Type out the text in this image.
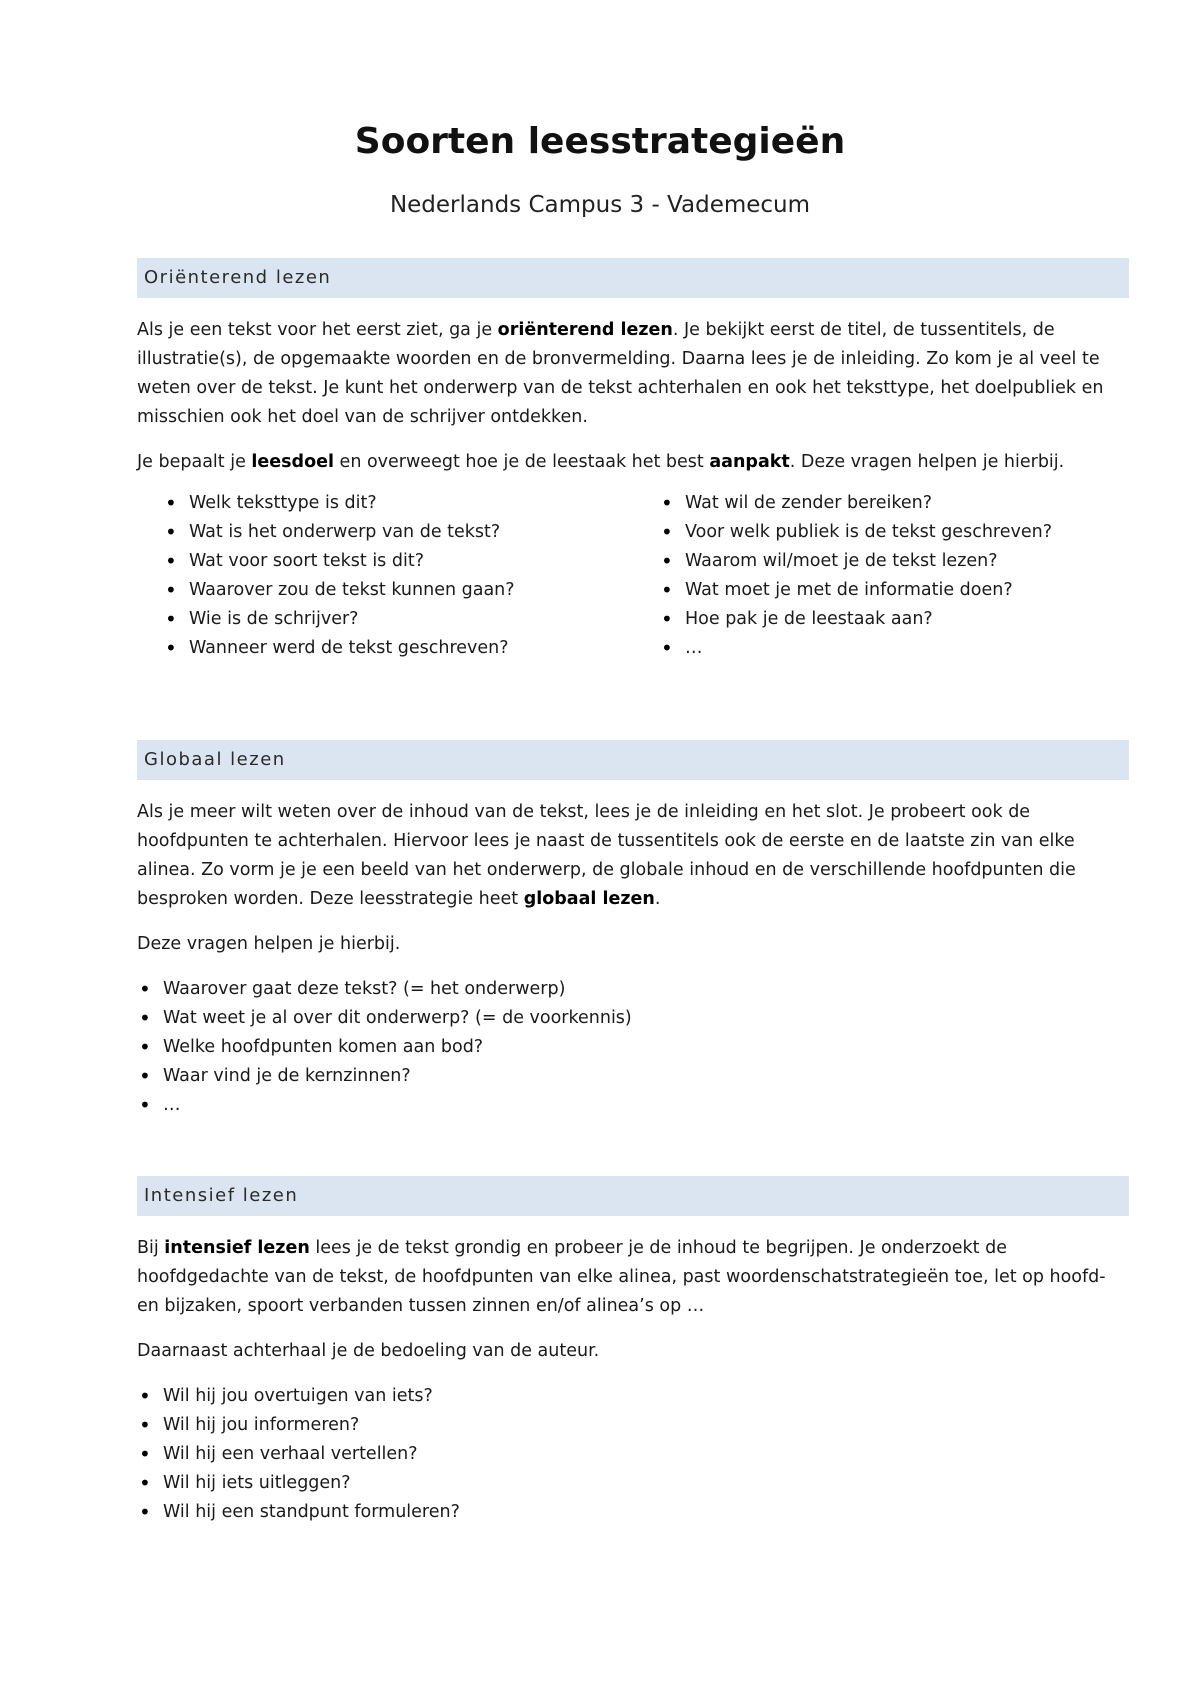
Soorten leesstrategieën
Nederlands Campus 3 - Vademecum
Oriënterend lezen

Als je een tekst voor het eerst ziet, ga je oriënterend lezen. Je bekijkt eerst de titel, de tussentitels, de illustratie(s), de opgemaakte woorden en de bronvermelding. Daarna lees je de inleiding. Zo kom je al veel te weten over de tekst. Je kunt het onderwerp van de tekst achterhalen en ook het teksttype, het doelpubliek en misschien ook het doel van de schrijver ontdekken.

Je bepaalt je leesdoel en overweegt hoe je de leestaak het best aanpakt. Deze vragen helpen je hierbij.

• Welk teksttype is dit?
• Wat is het onderwerp van de tekst?
• Wat voor soort tekst is dit?
• Waarover zou de tekst kunnen gaan?
• Wie is de schrijver?
• Wanneer werd de tekst geschreven?
• Wat wil de zender bereiken?
• Voor welk publiek is de tekst geschreven?
• Waarom wil/moet je de tekst lezen?
• Wat moet je met de informatie doen?
• Hoe pak je de leestaak aan?
• …
Globaal lezen

Als je meer wilt weten over de inhoud van de tekst, lees je de inleiding en het slot. Je probeert ook de hoofdpunten te achterhalen. Hiervoor lees je naast de tussentitels ook de eerste en de laatste zin van elke alinea. Zo vorm je je een beeld van het onderwerp, de globale inhoud en de verschillende hoofdpunten die besproken worden. Deze leesstrategie heet globaal lezen.

Deze vragen helpen je hierbij.

• Waarover gaat deze tekst? (= het onderwerp)
• Wat weet je al over dit onderwerp? (= de voorkennis)
• Welke hoofdpunten komen aan bod?
• Waar vind je de kernzinnen?
• …
Intensief lezen

Bij intensief lezen lees je de tekst grondig en probeer je de inhoud te begrijpen. Je onderzoekt de hoofdgedachte van de tekst, de hoofdpunten van elke alinea, past woordenschatstrategieën toe, let op hoofd- en bijzaken, spoort verbanden tussen zinnen en/of alinea’s op …

Daarnaast achterhaal je de bedoeling van de auteur.

• Wil hij jou overtuigen van iets?
• Wil hij jou informeren?
• Wil hij een verhaal vertellen?
• Wil hij iets uitleggen?
• Wil hij een standpunt formuleren?
